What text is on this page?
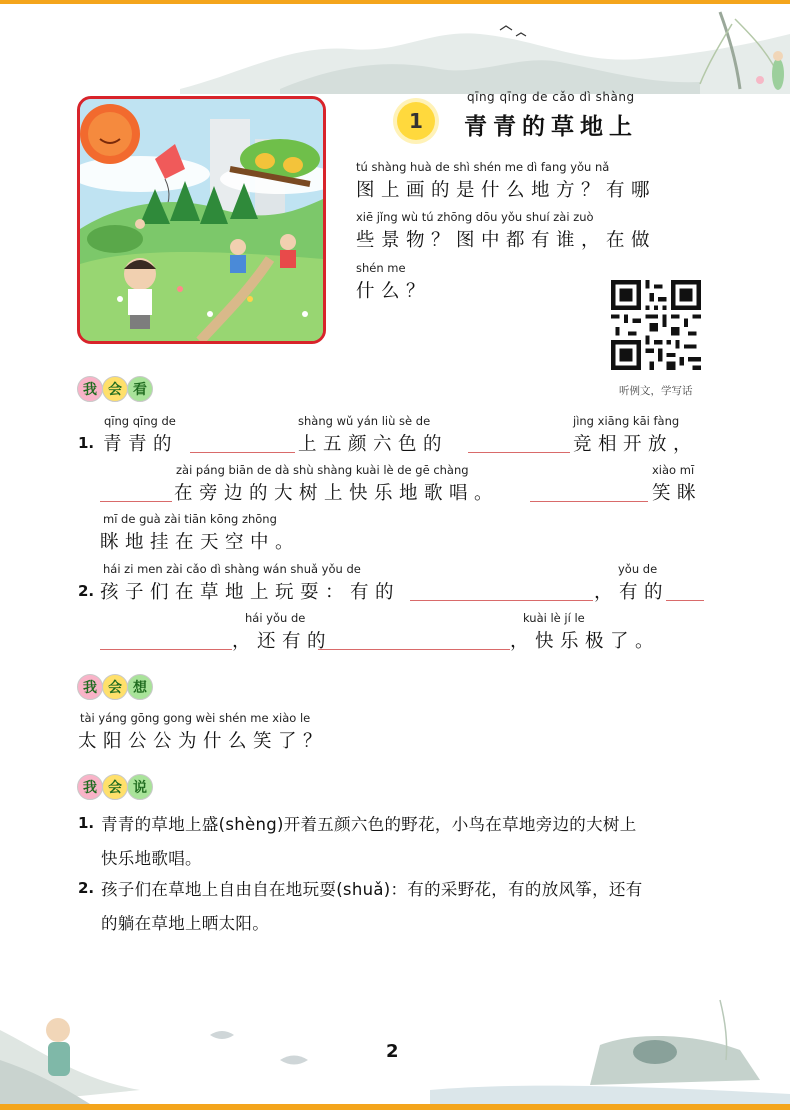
1
qīng qīng de cǎo dì shàng
青青的草地上
tú shàng huà de shì shén me dì fang yǒu nǎ
图上画的是什么地方？有哪
xiē jǐng wù tú zhōng dōu yǒu shuí zài zuò
些景物？图中都有谁，在做
shén me
什么？
听例文，学写话
我 会 看
1.
qīng qīng de
青青的
shàng wǔ yán liù sè de
上五颜六色的
jìng xiāng kāi fàng
竞相开放，
zài páng biān de dà shù shàng kuài lè de gē chàng
在旁边的大树上快乐地歌唱。
xiào mī
笑眯
mī de guà zài tiān kōng zhōng
眯地挂在天空中。
2.
hái zi men zài cǎo dì shàng wán shuǎ yǒu de
孩子们在草地上玩耍：有的
yǒu de
，有的
hái yǒu de
，还有的
kuài lè jí le
，快乐极了。
我 会 想
tài yáng gōng gong wèi shén me xiào le
太阳公公为什么笑了？
我 会 说
1. 青青的草地上盛(shèng)开着五颜六色的野花，小鸟在草地旁边的大树上
快乐地歌唱。
2. 孩子们在草地上自由自在地玩耍(shuǎ)：有的采野花，有的放风筝，还有
的躺在草地上晒太阳。
2
